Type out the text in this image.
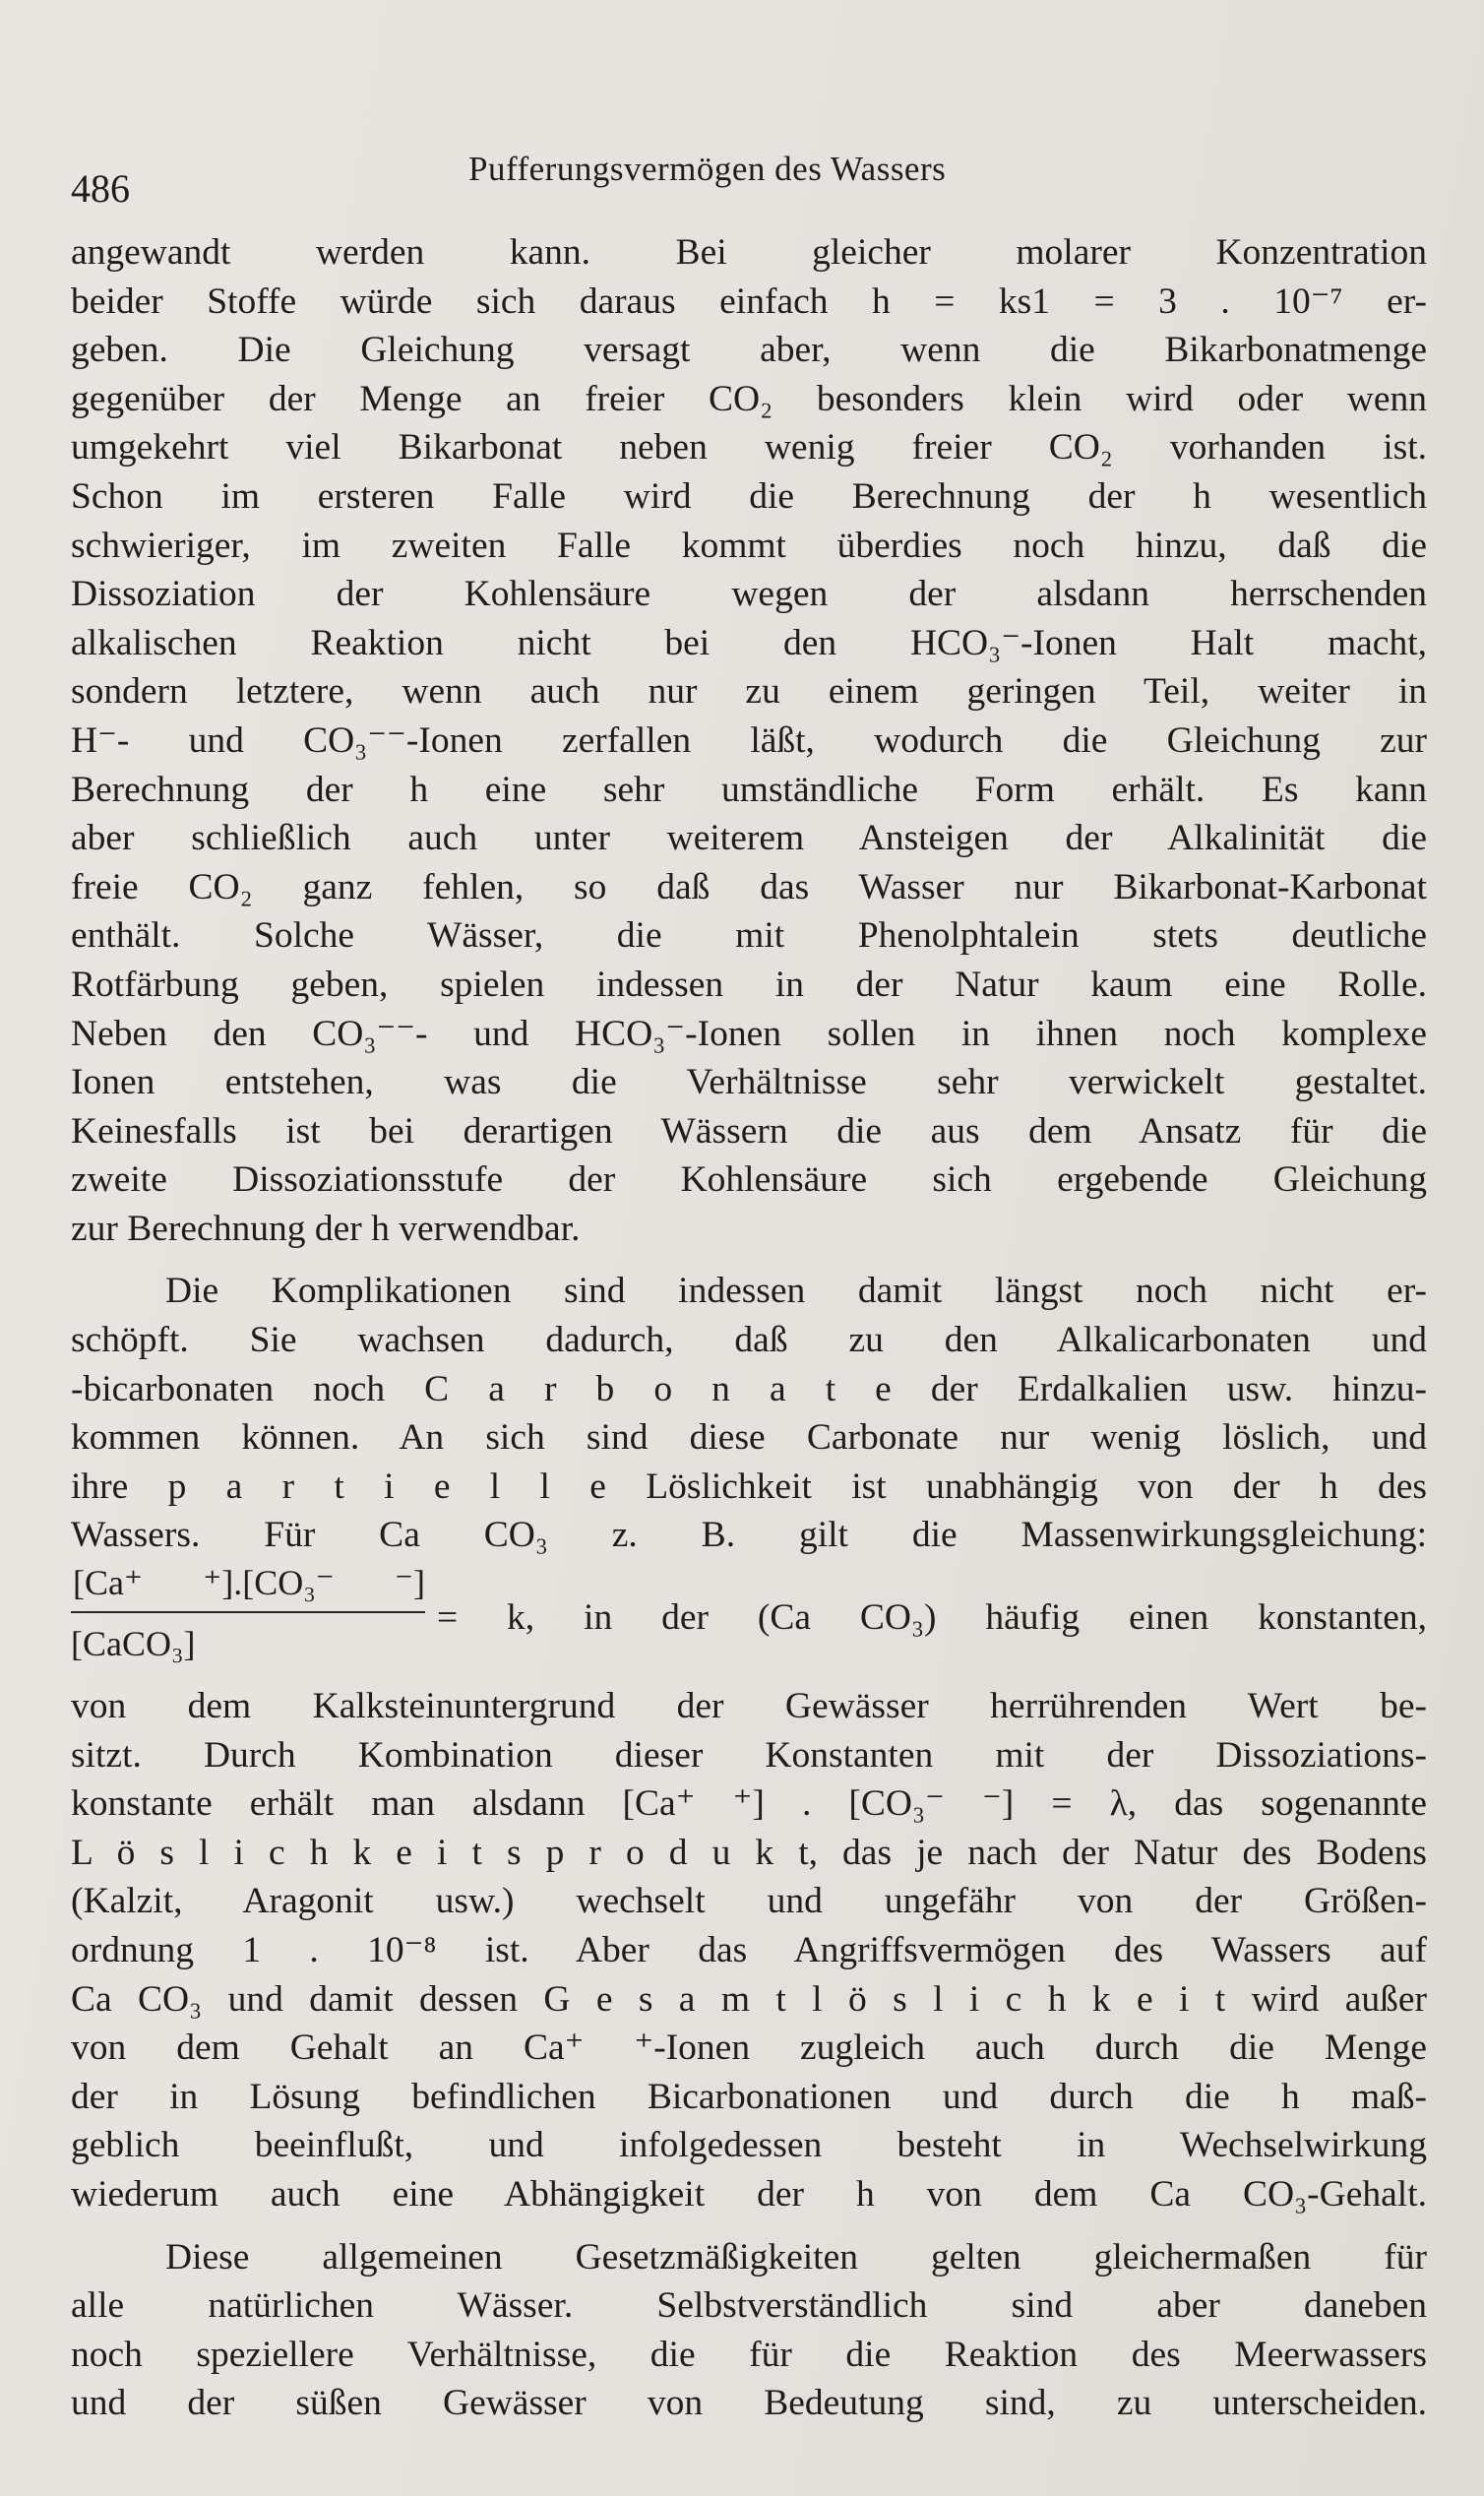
486	Pufferungsvermögen des Wassers
angewandt werden kann. Bei gleicher molarer Konzentration
beider Stoffe würde sich daraus einfach h = ks1 = 3 . 10⁻⁷ er-
geben. Die Gleichung versagt aber, wenn die Bikarbonatmenge
gegenüber der Menge an freier CO₂ besonders klein wird oder wenn
umgekehrt viel Bikarbonat neben wenig freier CO₂ vorhanden ist.
Schon im ersteren Falle wird die Berechnung der h wesentlich
schwieriger, im zweiten Falle kommt überdies noch hinzu, daß die
Dissoziation der Kohlensäure wegen der alsdann herrschenden
alkalischen Reaktion nicht bei den HCO₃⁻-Ionen Halt macht,
sondern letztere, wenn auch nur zu einem geringen Teil, weiter in
H⁻- und CO₃⁻⁻-Ionen zerfallen läßt, wodurch die Gleichung zur
Berechnung der h eine sehr umständliche Form erhält. Es kann
aber schließlich auch unter weiterem Ansteigen der Alkalinität die
freie CO₂ ganz fehlen, so daß das Wasser nur Bikarbonat-Karbonat
enthält. Solche Wässer, die mit Phenolphtalein stets deutliche
Rotfärbung geben, spielen indessen in der Natur kaum eine Rolle.
Neben den CO₃⁻⁻- und HCO₃⁻-Ionen sollen in ihnen noch komplexe
Ionen entstehen, was die Verhältnisse sehr verwickelt gestaltet.
Keinesfalls ist bei derartigen Wässern die aus dem Ansatz für die
zweite Dissoziationsstufe der Kohlensäure sich ergebende Gleichung
zur Berechnung der h verwendbar.
Die Komplikationen sind indessen damit längst noch nicht er-
schöpft. Sie wachsen dadurch, daß zu den Alkalicarbonaten und
-bicarbonaten noch C a r b o n a t e der Erdalkalien usw. hinzu-
kommen können. An sich sind diese Carbonate nur wenig löslich, und
ihre p a r t i e l l e Löslichkeit ist unabhängig von der h des
Wassers. Für Ca CO₃ z. B. gilt die Massenwirkungsgleichung:
[Ca⁺ ⁺].[CO₃⁻ ⁻]
[CaCO₃]
= k, in der (Ca CO₃) häufig einen konstanten,
von dem Kalksteinuntergrund der Gewässer herrührenden Wert be-
sitzt. Durch Kombination dieser Konstanten mit der Dissoziations-
konstante erhält man alsdann [Ca⁺ ⁺] . [CO₃⁻ ⁻] = λ, das sogenannte
L ö s l i c h k e i t s p r o d u k t, das je nach der Natur des Bodens
(Kalzit, Aragonit usw.) wechselt und ungefähr von der Größen-
ordnung 1 . 10⁻⁸ ist. Aber das Angriffsvermögen des Wassers auf
Ca CO₃ und damit dessen G e s a m t l ö s l i c h k e i t wird außer
von dem Gehalt an Ca⁺ ⁺-Ionen zugleich auch durch die Menge
der in Lösung befindlichen Bicarbonationen und durch die h maß-
geblich beeinflußt, und infolgedessen besteht in Wechselwirkung
wiederum auch eine Abhängigkeit der h von dem Ca CO₃-Gehalt.
Diese allgemeinen Gesetzmäßigkeiten gelten gleichermaßen für
alle natürlichen Wässer. Selbstverständlich sind aber daneben
noch speziellere Verhältnisse, die für die Reaktion des Meerwassers
und der süßen Gewässer von Bedeutung sind, zu unterscheiden.
